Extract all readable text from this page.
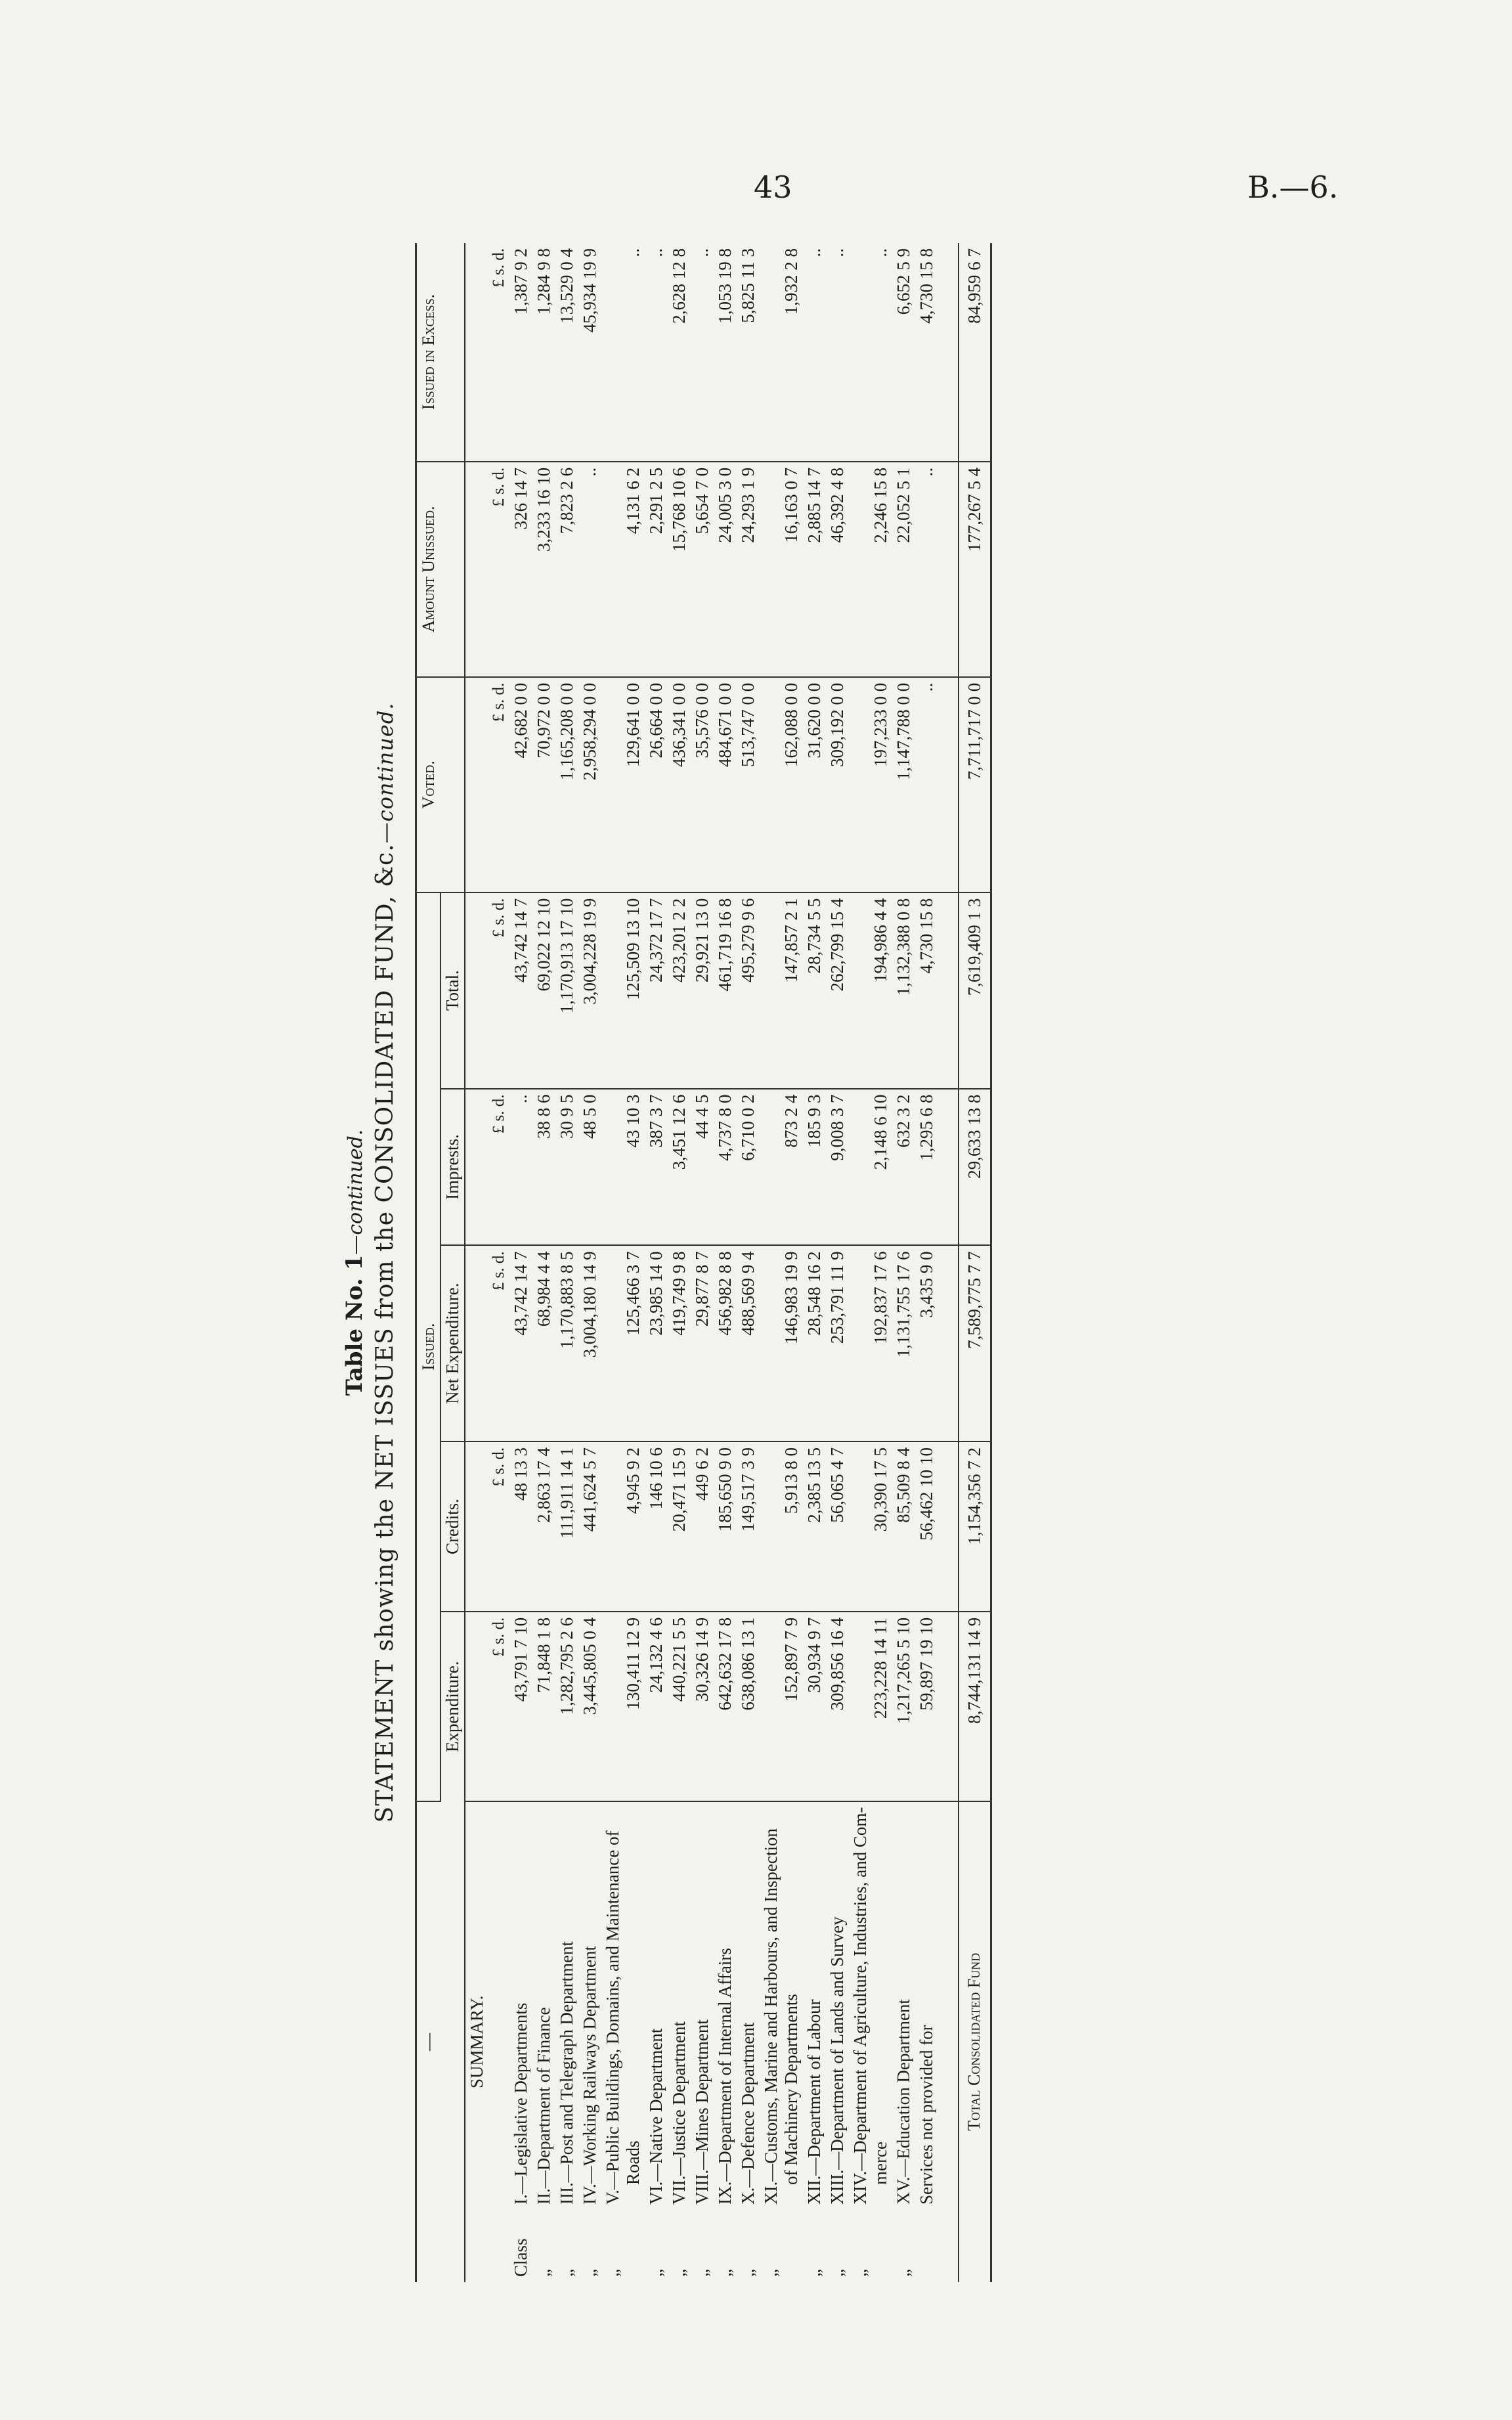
43	B.—6.
Table No. 1—continued. STATEMENT showing the NET ISSUES from the CONSOLIDATED FUND, &c.—continued.
—	Issued.					Voted.	Amount Unissued.	Issued in Excess.
	Expenditure.	Credits.	Net Expenditure.	Imprests.	Total.			
SUMMARY.								
	£ s. d.	£ s. d.	£ s. d.	£ s. d.	£ s. d.	£ s. d.	£ s. d.	£ s. d.
ClassI.—Legislative Departments	43,791 7 10	48 13 3	43,742 14 7	..	43,742 14 7	42,682 0 0	326 14 7	1,387 9 2
„II.—Department of Finance	71,848 1 8	2,863 17 4	68,984 4 4	38 8 6	69,022 12 10	70,972 0 0	3,233 16 10	1,284 9 8
„III.—Post and Telegraph Department	1,282,795 2 6	111,911 14 1	1,170,883 8 5	30 9 5	1,170,913 17 10	1,165,208 0 0	7,823 2 6	13,529 0 4
„IV.—Working Railways Department	3,445,805 0 4	441,624 5 7	3,004,180 14 9	48 5 0	3,004,228 19 9	2,958,294 0 0	..	45,934 19 9
„V.—Public Buildings, Domains, and Maintenance of Roads	130,411 12 9	4,945 9 2	125,466 3 7	43 10 3	125,509 13 10	129,641 0 0	4,131 6 2	..
„VI.—Native Department	24,132 4 6	146 10 6	23,985 14 0	387 3 7	24,372 17 7	26,664 0 0	2,291 2 5	..
„VII.—Justice Department	440,221 5 5	20,471 15 9	419,749 9 8	3,451 12 6	423,201 2 2	436,341 0 0	15,768 10 6	2,628 12 8
„VIII.—Mines Department	30,326 14 9	449 6 2	29,877 8 7	44 4 5	29,921 13 0	35,576 0 0	5,654 7 0	..
„IX.—Department of Internal Affairs	642,632 17 8	185,650 9 0	456,982 8 8	4,737 8 0	461,719 16 8	484,671 0 0	24,005 3 0	1,053 19 8
„X.—Defence Department	638,086 13 1	149,517 3 9	488,569 9 4	6,710 0 2	495,279 9 6	513,747 0 0	24,293 1 9	5,825 11 3
„XI.—Customs, Marine and Harbours, and Inspection of Machinery Departments	152,897 7 9	5,913 8 0	146,983 19 9	873 2 4	147,857 2 1	162,088 0 0	16,163 0 7	1,932 2 8
„XII.—Department of Labour	30,934 9 7	2,385 13 5	28,548 16 2	185 9 3	28,734 5 5	31,620 0 0	2,885 14 7	..
„XIII.—Department of Lands and Survey	309,856 16 4	56,065 4 7	253,791 11 9	9,008 3 7	262,799 15 4	309,192 0 0	46,392 4 8	..
„XIV.—Department of Agriculture, Industries, and Com- merce	223,228 14 11	30,390 17 5	192,837 17 6	2,148 6 10	194,986 4 4	197,233 0 0	2,246 15 8	..
„XV.—Education Department	1,217,265 5 10	85,509 8 4	1,131,755 17 6	632 3 2	1,132,388 0 8	1,147,788 0 0	22,052 5 1	6,652 5 9
Services not provided for	59,897 19 10	56,462 10 10	3,435 9 0	1,295 6 8	4,730 15 8	..	..	4,730 15 8

Total Consolidated Fund	8,744,131 14 9	1,154,356 7 2	7,589,775 7 7	29,633 13 8	7,619,409 1 3	7,711,717 0 0	177,267 5 4	84,959 6 7
